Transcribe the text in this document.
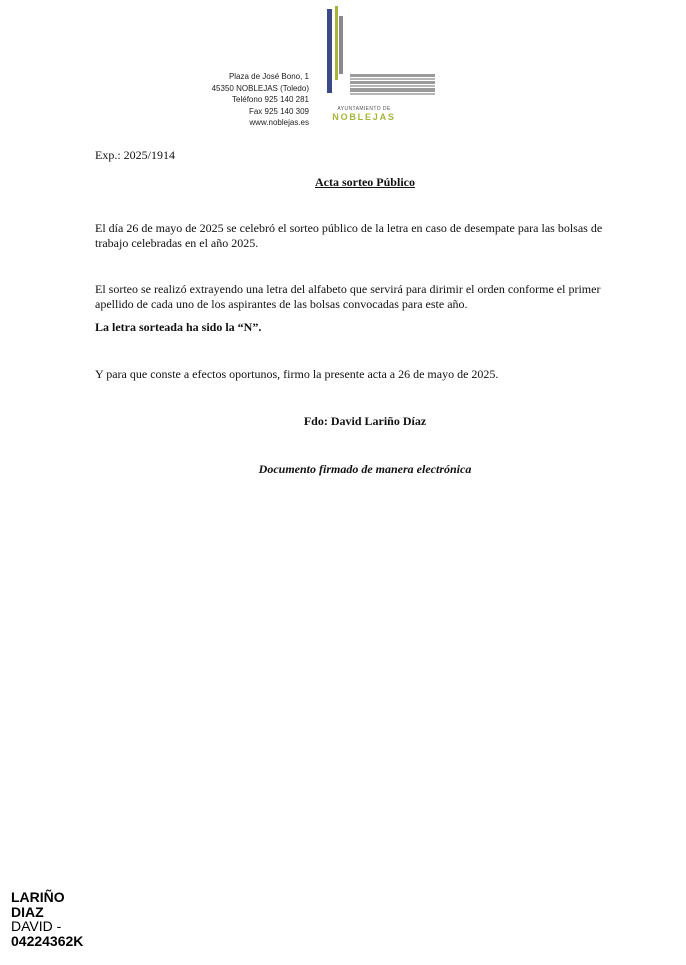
Plaza de José Bono, 1
45350 NOBLEJAS (Toledo)
Teléfono 925 140 281
Fax 925 140 309
www.noblejas.es
AYUNTAMIENTO DE
NOBLEJAS
Exp.: 2025/1914
Acta sorteo Público
El día 26 de mayo de 2025 se celebró el sorteo público de la letra en caso de desempate para las bolsas de trabajo celebradas en el año 2025.
El sorteo se realizó extrayendo una letra del alfabeto que servirá para dirimir el orden conforme el primer apellido de cada uno de los aspirantes de las bolsas convocadas para este año.
La letra sorteada ha sido la “N”.
Y para que conste a efectos oportunos, firmo la presente acta a 26 de mayo de 2025.
Fdo: David Lariño Díaz
Documento firmado de manera electrónica
LARIÑO
DIAZ
DAVID -
04224362K
